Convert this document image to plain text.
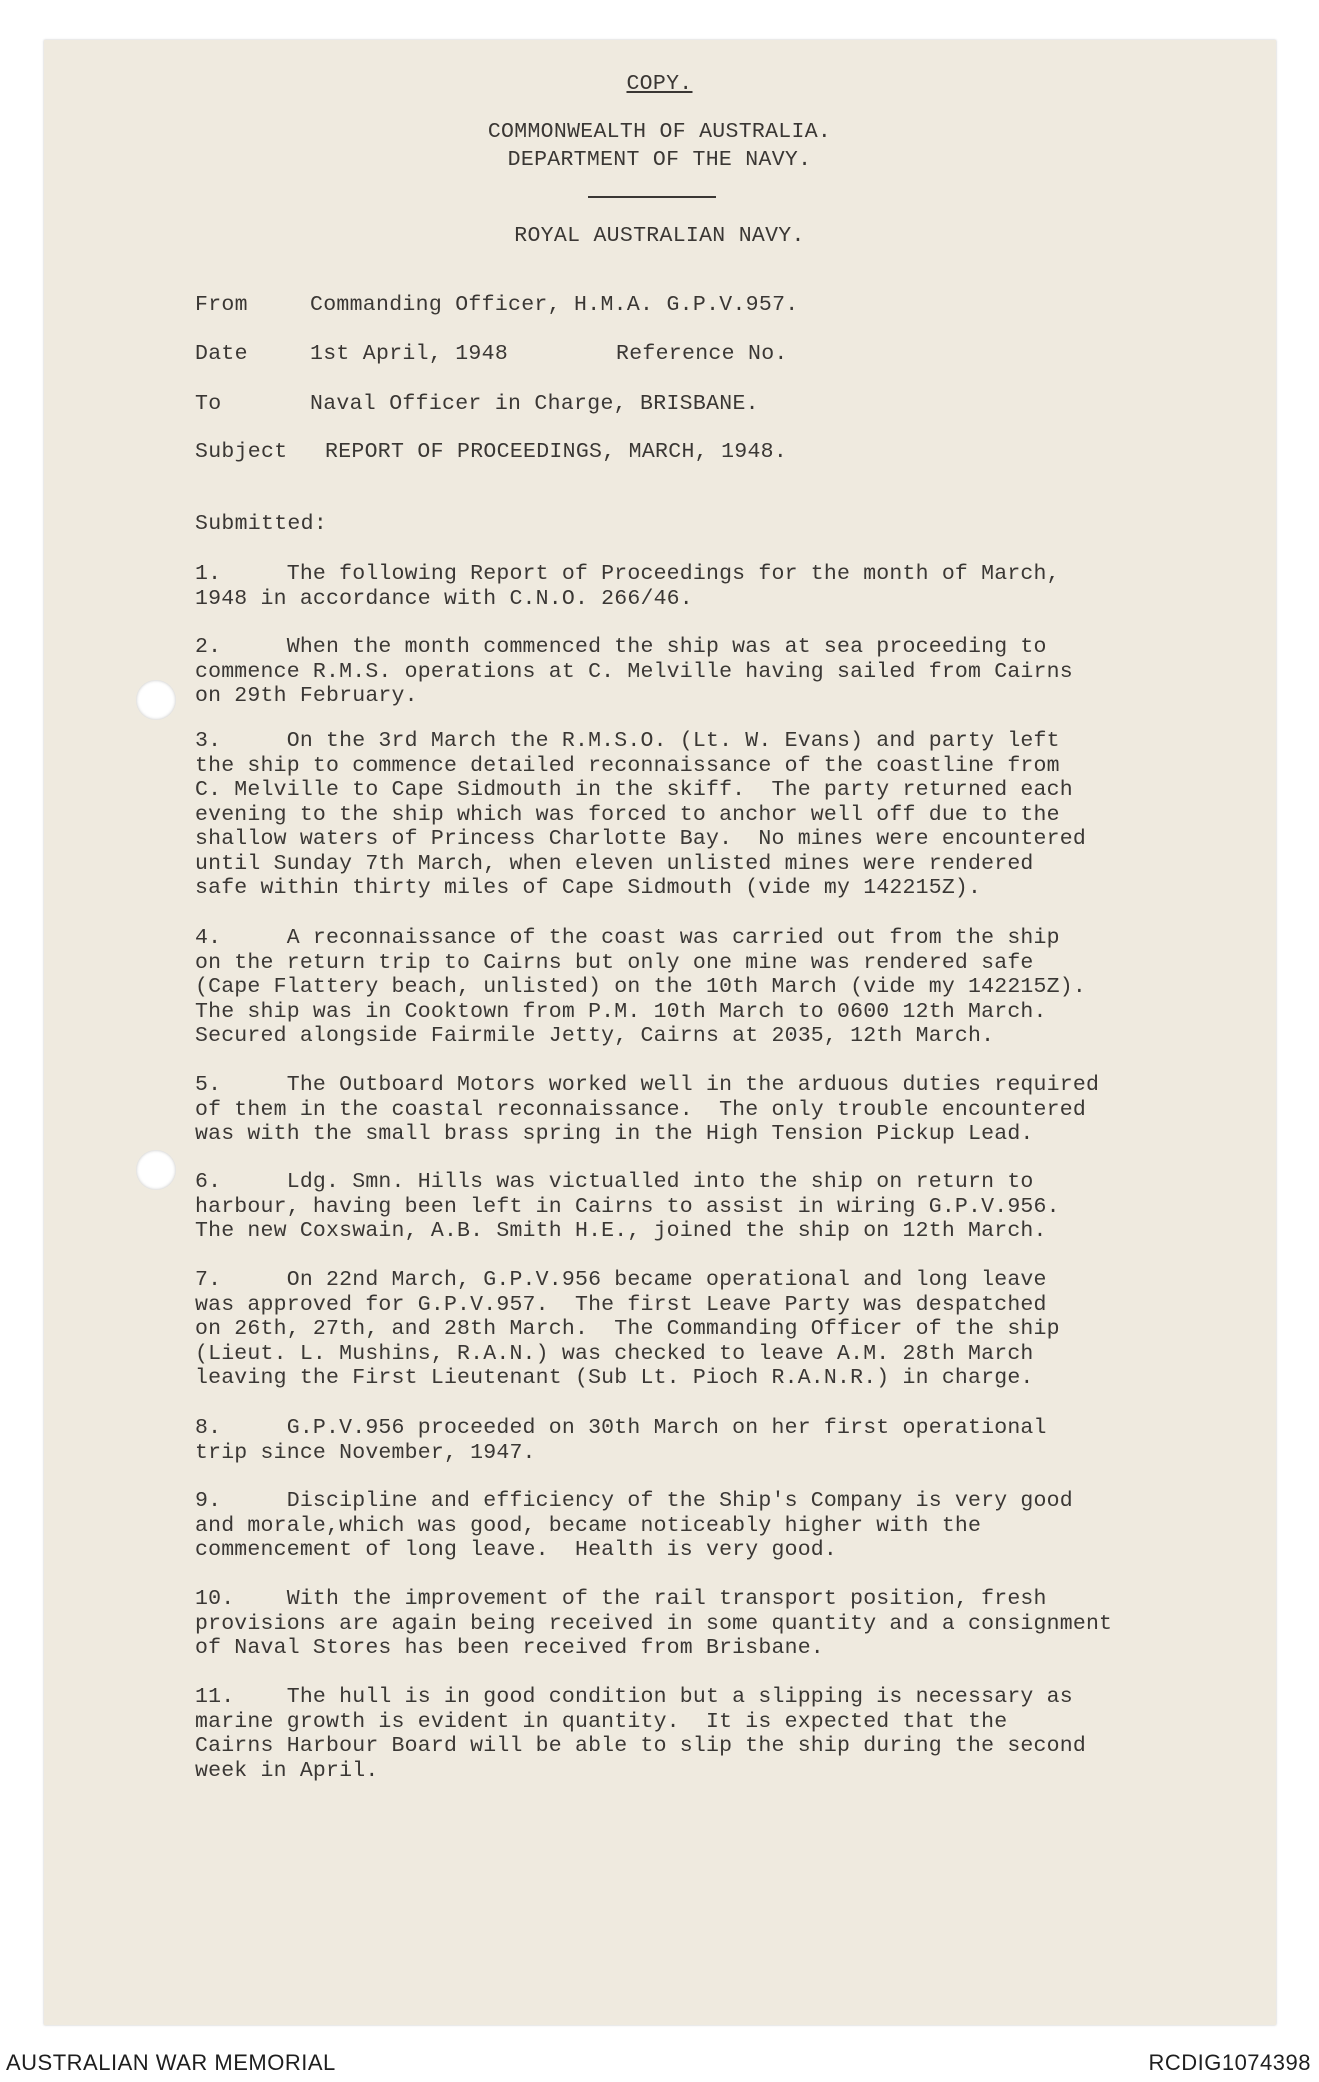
COPY.
COMMONWEALTH OF AUSTRALIA.
DEPARTMENT OF THE NAVY.
ROYAL AUSTRALIAN NAVY.
From	Commanding Officer, H.M.A. G.P.V.957.
Date	1st April, 1948	Reference No.
To	Naval Officer in Charge, BRISBANE.
Subject REPORT OF PROCEEDINGS, MARCH, 1948.
Submitted:
1.     The following Report of Proceedings for the month of March,
1948 in accordance with C.N.O. 266/46.
2.     When the month commenced the ship was at sea proceeding to
commence R.M.S. operations at C. Melville having sailed from Cairns
on 29th February.
3.     On the 3rd March the R.M.S.O. (Lt. W. Evans) and party left
the ship to commence detailed reconnaissance of the coastline from
C. Melville to Cape Sidmouth in the skiff.  The party returned each
evening to the ship which was forced to anchor well off due to the
shallow waters of Princess Charlotte Bay.  No mines were encountered
until Sunday 7th March, when eleven unlisted mines were rendered
safe within thirty miles of Cape Sidmouth (vide my 142215Z).
4.     A reconnaissance of the coast was carried out from the ship
on the return trip to Cairns but only one mine was rendered safe
(Cape Flattery beach, unlisted) on the 10th March (vide my 142215Z).
The ship was in Cooktown from P.M. 10th March to 0600 12th March.
Secured alongside Fairmile Jetty, Cairns at 2035, 12th March.
5.     The Outboard Motors worked well in the arduous duties required
of them in the coastal reconnaissance.  The only trouble encountered
was with the small brass spring in the High Tension Pickup Lead.
6.     Ldg. Smn. Hills was victualled into the ship on return to
harbour, having been left in Cairns to assist in wiring G.P.V.956.
The new Coxswain, A.B. Smith H.E., joined the ship on 12th March.
7.     On 22nd March, G.P.V.956 became operational and long leave
was approved for G.P.V.957.  The first Leave Party was despatched
on 26th, 27th, and 28th March.  The Commanding Officer of the ship
(Lieut. L. Mushins, R.A.N.) was checked to leave A.M. 28th March
leaving the First Lieutenant (Sub Lt. Pioch R.A.N.R.) in charge.
8.     G.P.V.956 proceeded on 30th March on her first operational
trip since November, 1947.
9.     Discipline and efficiency of the Ship's Company is very good
and morale,which was good, became noticeably higher with the
commencement of long leave.  Health is very good.
10.    With the improvement of the rail transport position, fresh
provisions are again being received in some quantity and a consignment
of Naval Stores has been received from Brisbane.
11.    The hull is in good condition but a slipping is necessary as
marine growth is evident in quantity.  It is expected that the
Cairns Harbour Board will be able to slip the ship during the second
week in April.
AUSTRALIAN WAR MEMORIAL	RCDIG1074398
